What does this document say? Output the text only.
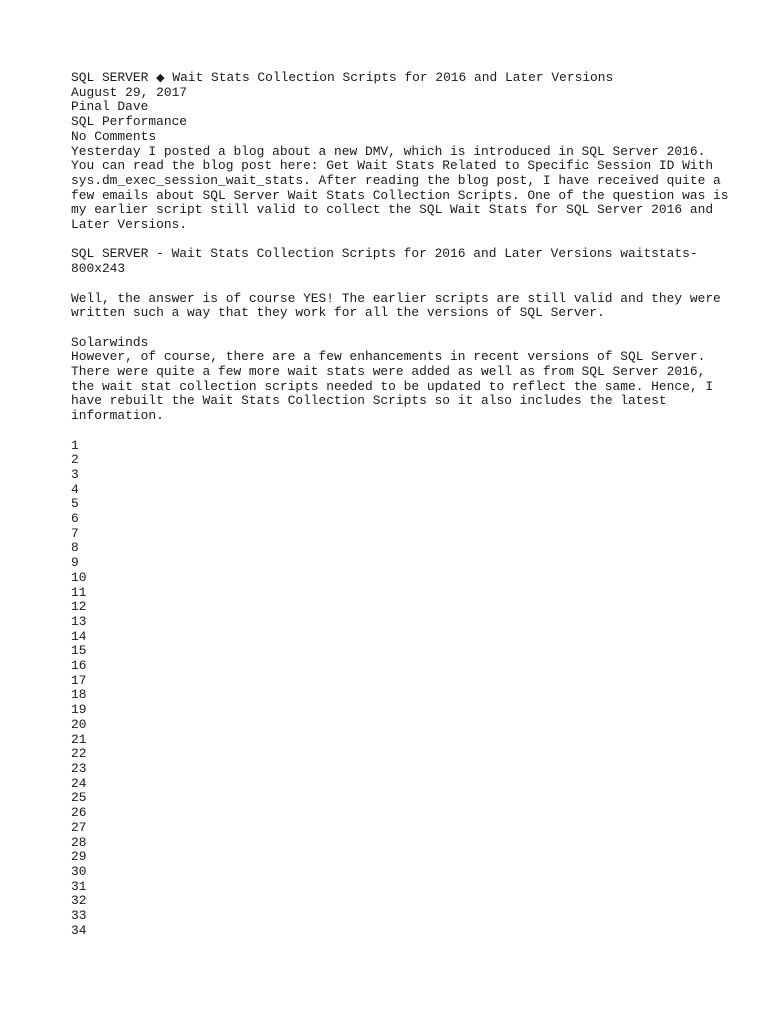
SQL SERVER ◆ Wait Stats Collection Scripts for 2016 and Later Versions
August 29, 2017
Pinal Dave
SQL Performance
No Comments
Yesterday I posted a blog about a new DMV, which is introduced in SQL Server 2016. You can read the blog post here: Get Wait Stats Related to Specific Session ID With sys.dm_exec_session_wait_stats. After reading the blog post, I have received quite a few emails about SQL Server Wait Stats Collection Scripts. One of the question was is my earlier script still valid to collect the SQL Wait Stats for SQL Server 2016 and Later Versions.
SQL SERVER - Wait Stats Collection Scripts for 2016 and Later Versions waitstats-800x243
Well, the answer is of course YES! The earlier scripts are still valid and they were written such a way that they work for all the versions of SQL Server.
Solarwinds
However, of course, there are a few enhancements in recent versions of SQL Server. There were quite a few more wait stats were added as well as from SQL Server 2016, the wait stat collection scripts needed to be updated to reflect the same. Hence, I have rebuilt the Wait Stats Collection Scripts so it also includes the latest information.
1
2
3
4
5
6
7
8
9
10
11
12
13
14
15
16
17
18
19
20
21
22
23
24
25
26
27
28
29
30
31
32
33
34
